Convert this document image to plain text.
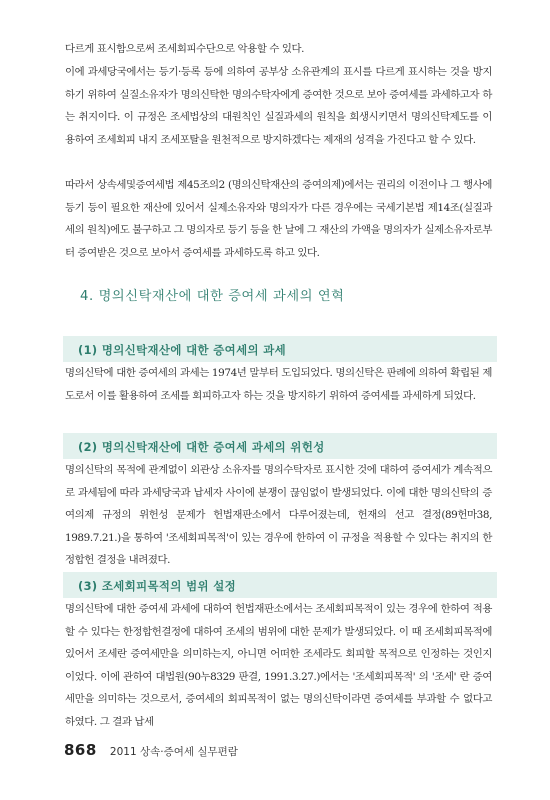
다르게 표시함으로써 조세회피수단으로 악용할 수 있다.

이에 과세당국에서는 등기·등록 등에 의하여 공부상 소유관계의 표시를 다르게 표시하는 것을 방지하기 위하여 실질소유자가 명의신탁한 명의수탁자에게 증여한 것으로 보아 증여세를 과세하고자 하는 취지이다. 이 규정은 조세법상의 대원칙인 실질과세의 원칙을 희생시키면서 명의신탁제도를 이용하여 조세회피 내지 조세포탈을 원천적으로 방지하겠다는 제재의 성격을 가진다고 할 수 있다.

따라서 상속세및증여세법 제45조의2 (명의신탁재산의 증여의제)에서는 권리의 이전이나 그 행사에 등기 등이 필요한 재산에 있어서 실제소유자와 명의자가 다른 경우에는 국세기본법 제14조(실질과세의 원칙)에도 불구하고 그 명의자로 등기 등을 한 날에 그 재산의 가액을 명의자가 실제소유자로부터 증여받은 것으로 보아서 증여세를 과세하도록 하고 있다.

4. 명의신탁재산에 대한 증여세 과세의 연혁
(1) 명의신탁재산에 대한 증여세의 과세

명의신탁에 대한 증여세의 과세는 1974년 말부터 도입되었다. 명의신탁은 판례에 의하여 확립된 제도로서 이를 활용하여 조세를 회피하고자 하는 것을 방지하기 위하여 증여세를 과세하게 되었다.

(2) 명의신탁재산에 대한 증여세 과세의 위헌성

명의신탁의 목적에 관계없이 외관상 소유자를 명의수탁자로 표시한 것에 대하여 증여세가 계속적으로 과세됨에 따라 과세당국과 납세자 사이에 분쟁이 끊임없이 발생되었다. 이에 대한 명의신탁의 증여의제 규정의 위헌성 문제가 헌법재판소에서 다루어졌는데, 헌재의 선고 결정(89헌마38, 1989.7.21.)을 통하여 '조세회피목적'이 있는 경우에 한하여 이 규정을 적용할 수 있다는 취지의 한정합헌 결정을 내려졌다.

(3) 조세회피목적의 범위 설정

명의신탁에 대한 증여세 과세에 대하여 헌법재판소에서는 조세회피목적이 있는 경우에 한하여 적용할 수 있다는 한정합헌결정에 대하여 조세의 범위에 대한 문제가 발생되었다. 이 때 조세회피목적에 있어서 조세란 증여세만을 의미하는지, 아니면 어떠한 조세라도 회피할 목적으로 인정하는 것인지 이었다. 이에 관하여 대법원(90누8329 판결, 1991.3.27.)에서는 '조세회피목적' 의 '조세' 란 증여세만을 의미하는 것으로서, 증여세의 회피목적이 없는 명의신탁이라면 증여세를 부과할 수 없다고 하였다. 그 결과 납세

868 2011 상속·증여세 실무편람
